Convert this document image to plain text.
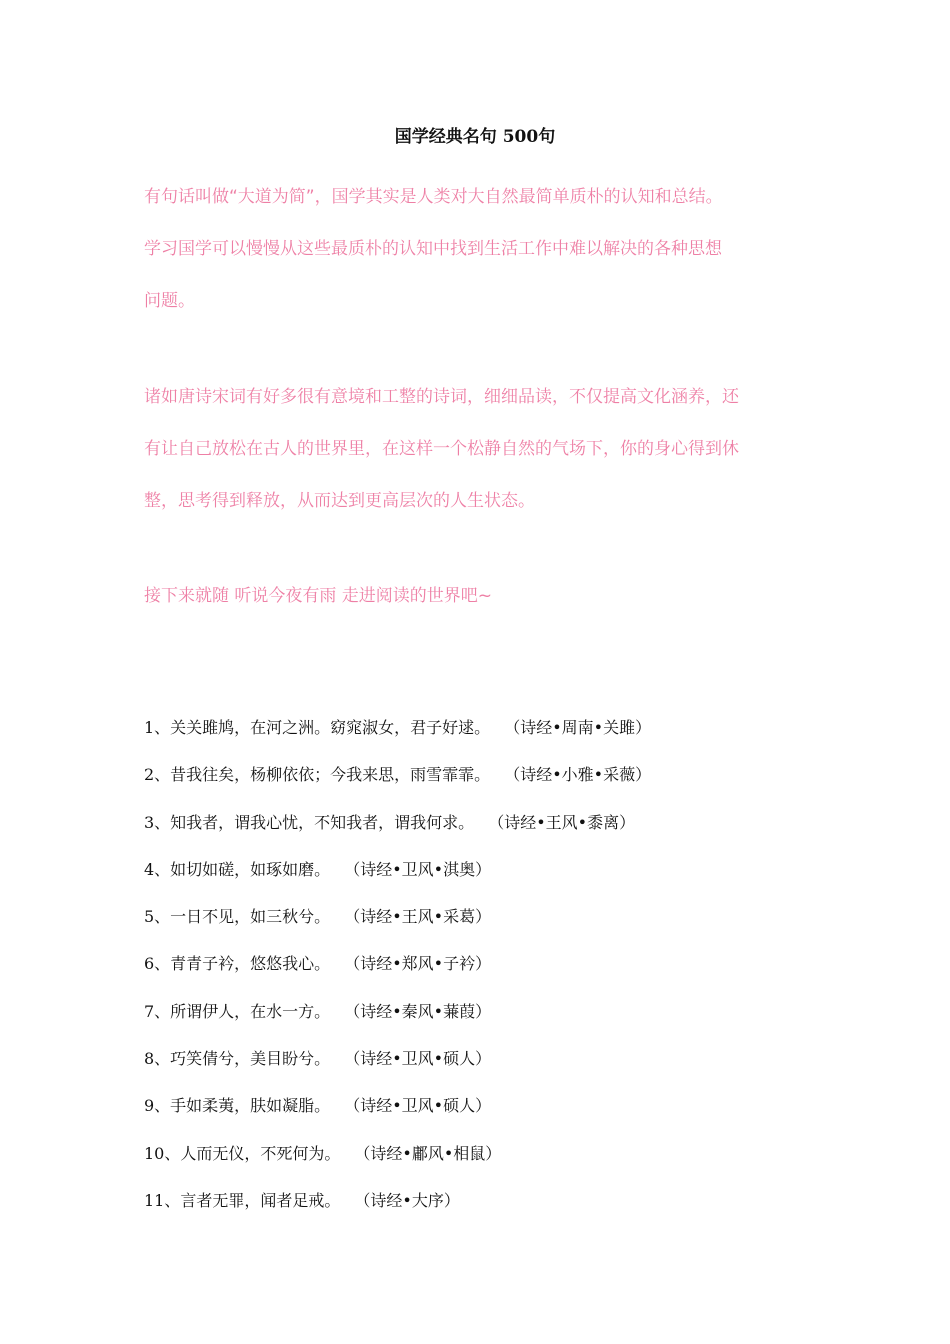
国学经典名句 500句

有句话叫做“大道为简”，国学其实是人类对大自然最简单质朴的认知和总结。
学习国学可以慢慢从这些最质朴的认知中找到生活工作中难以解决的各种思想
问题。

诸如唐诗宋词有好多很有意境和工整的诗词，细细品读，不仅提高文化涵养，还
有让自己放松在古人的世界里，在这样一个松静自然的气场下，你的身心得到休
整，思考得到释放，从而达到更高层次的人生状态。

接下来就随 听说今夜有雨 走进阅读的世界吧~

1、关关雎鸠，在河之洲。窈窕淑女，君子好逑。 （诗经•周南•关雎）
2、昔我往矣，杨柳依依；今我来思，雨雪霏霏。 （诗经•小雅•采薇）
3、知我者，谓我心忧，不知我者，谓我何求。 （诗经•王风•黍离）
4、如切如磋，如琢如磨。 （诗经•卫风•淇奥）
5、一日不见，如三秋兮。 （诗经•王风•采葛）
6、青青子衿，悠悠我心。 （诗经•郑风•子衿）
7、所谓伊人，在水一方。 （诗经•秦风•蒹葭）
8、巧笑倩兮，美目盼兮。 （诗经•卫风•硕人）
9、手如柔荑，肤如凝脂。 （诗经•卫风•硕人）
10、人而无仪，不死何为。 （诗经•鄘风•相鼠）
11、言者无罪，闻者足戒。 （诗经•大序）
